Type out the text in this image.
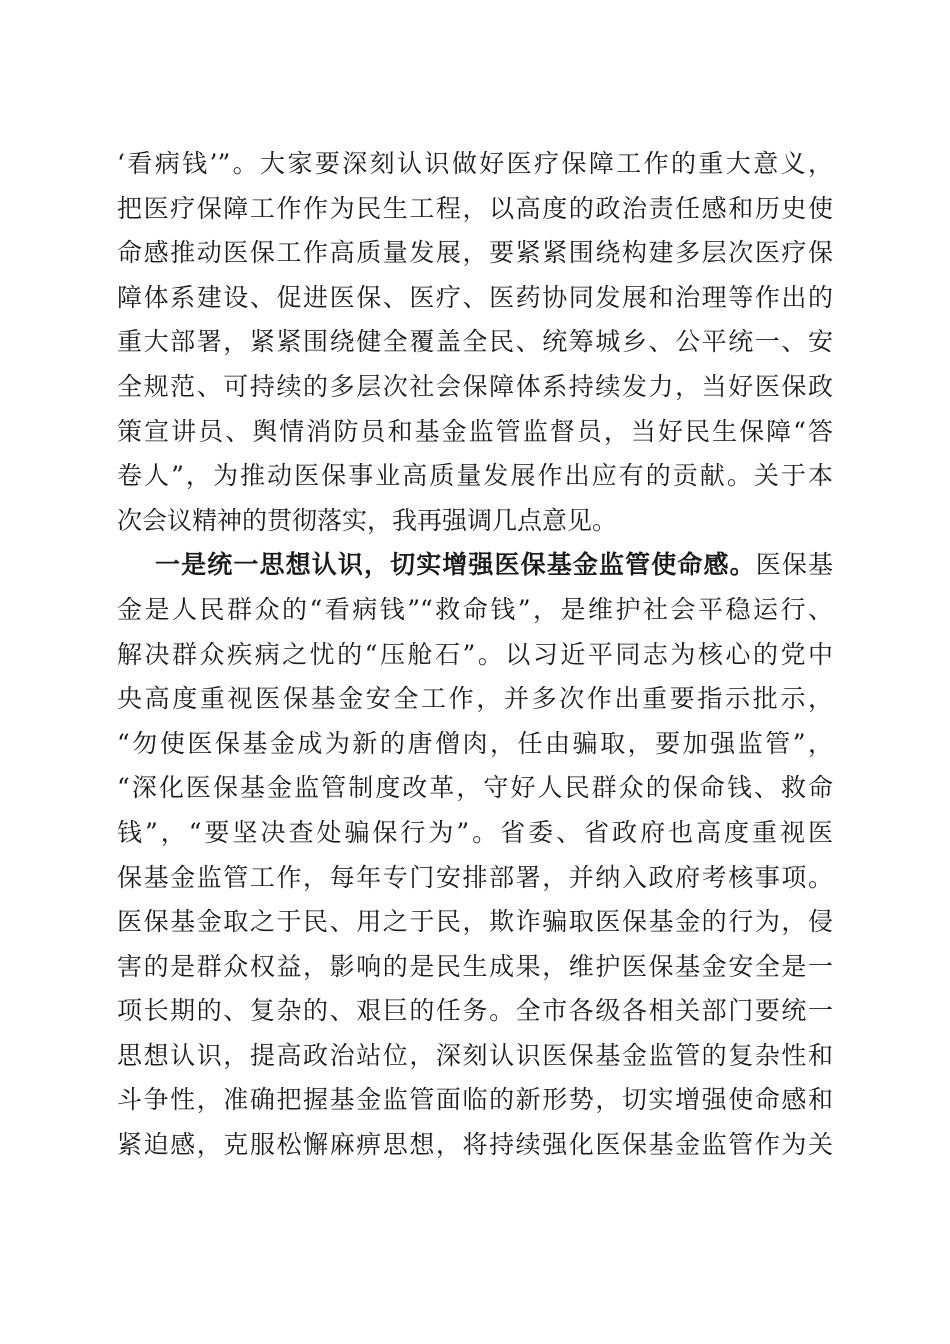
‘看病钱’”。大家要深刻认识做好医疗保障工作的重大意义，
把医疗保障工作作为民生工程，以高度的政治责任感和历史使
命感推动医保工作高质量发展，要紧紧围绕构建多层次医疗保
障体系建设、促进医保、医疗、医药协同发展和治理等作出的
重大部署，紧紧围绕健全覆盖全民、统筹城乡、公平统一、安
全规范、可持续的多层次社会保障体系持续发力，当好医保政
策宣讲员、舆情消防员和基金监管监督员，当好民生保障“答
卷人”，为推动医保事业高质量发展作出应有的贡献。关于本
次会议精神的贯彻落实，我再强调几点意见。
一是统一思想认识，切实增强医保基金监管使命感。医保基
金是人民群众的“看病钱”“救命钱”，是维护社会平稳运行、
解决群众疾病之忧的“压舱石”。以习近平同志为核心的党中
央高度重视医保基金安全工作，并多次作出重要指示批示，
“勿使医保基金成为新的唐僧肉，任由骗取，要加强监管”，
“深化医保基金监管制度改革，守好人民群众的保命钱、救命
钱”，“要坚决查处骗保行为”。省委、省政府也高度重视医
保基金监管工作，每年专门安排部署，并纳入政府考核事项。
医保基金取之于民、用之于民，欺诈骗取医保基金的行为，侵
害的是群众权益，影响的是民生成果，维护医保基金安全是一
项长期的、复杂的、艰巨的任务。全市各级各相关部门要统一
思想认识，提高政治站位，深刻认识医保基金监管的复杂性和
斗争性，准确把握基金监管面临的新形势，切实增强使命感和
紧迫感，克服松懈麻痹思想，将持续强化医保基金监管作为关
